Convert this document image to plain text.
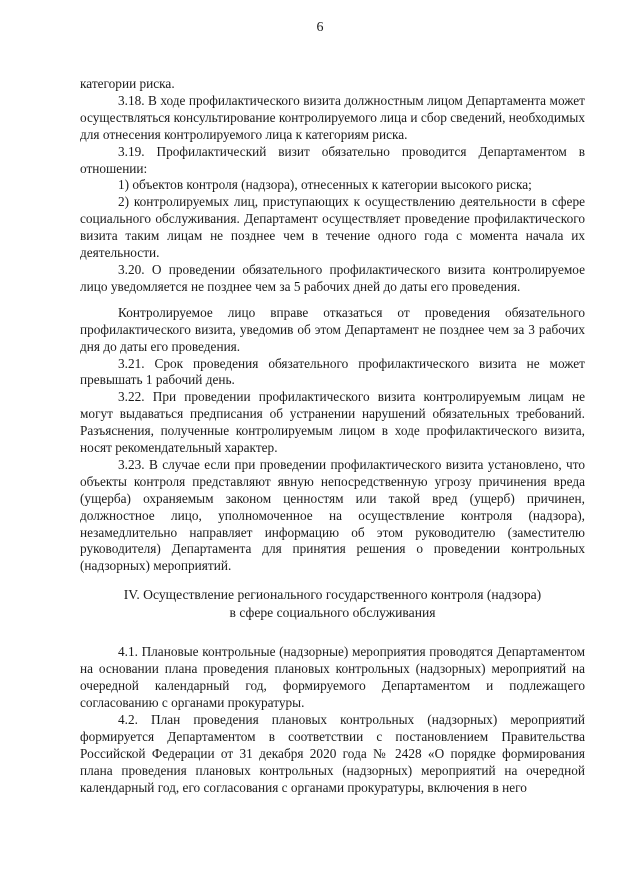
6

категории риска.

3.18. В ходе профилактического визита должностным лицом Департамента может осуществляться консультирование контролируемого лица и сбор сведений, необходимых для отнесения контролируемого лица к категориям риска.

3.19. Профилактический визит обязательно проводится Департаментом в отношении:

1) объектов контроля (надзора), отнесенных к категории высокого риска;

2) контролируемых лиц, приступающих к осуществлению деятельности в сфере социального обслуживания. Департамент осуществляет проведение профилактического визита таким лицам не позднее чем в течение одного года с момента начала их деятельности.

3.20. О проведении обязательного профилактического визита контролируемое лицо уведомляется не позднее чем за 5 рабочих дней до даты его проведения.

Контролируемое лицо вправе отказаться от проведения обязательного профилактического визита, уведомив об этом Департамент не позднее чем за 3 рабочих дня до даты его проведения.

3.21. Срок проведения обязательного профилактического визита не может превышать 1 рабочий день.

3.22. При проведении профилактического визита контролируемым лицам не могут выдаваться предписания об устранении нарушений обязательных требований. Разъяснения, полученные контролируемым лицом в ходе профилактического визита, носят рекомендательный характер.

3.23. В случае если при проведении профилактического визита установлено, что объекты контроля представляют явную непосредственную угрозу причинения вреда (ущерба) охраняемым законом ценностям или такой вред (ущерб) причинен, должностное лицо, уполномоченное на осуществление контроля (надзора), незамедлительно направляет информацию об этом руководителю (заместителю руководителя) Департамента для принятия решения о проведении контрольных (надзорных) мероприятий.

IV. Осуществление регионального государственного контроля (надзора) в сфере социального обслуживания

4.1. Плановые контрольные (надзорные) мероприятия проводятся Департаментом на основании плана проведения плановых контрольных (надзорных) мероприятий на очередной календарный год, формируемого Департаментом и подлежащего согласованию с органами прокуратуры.

4.2. План проведения плановых контрольных (надзорных) мероприятий формируется Департаментом в соответствии с постановлением Правительства Российской Федерации от 31 декабря 2020 года № 2428 «О порядке формирования плана проведения плановых контрольных (надзорных) мероприятий на очередной календарный год, его согласования с органами прокуратуры, включения в него
